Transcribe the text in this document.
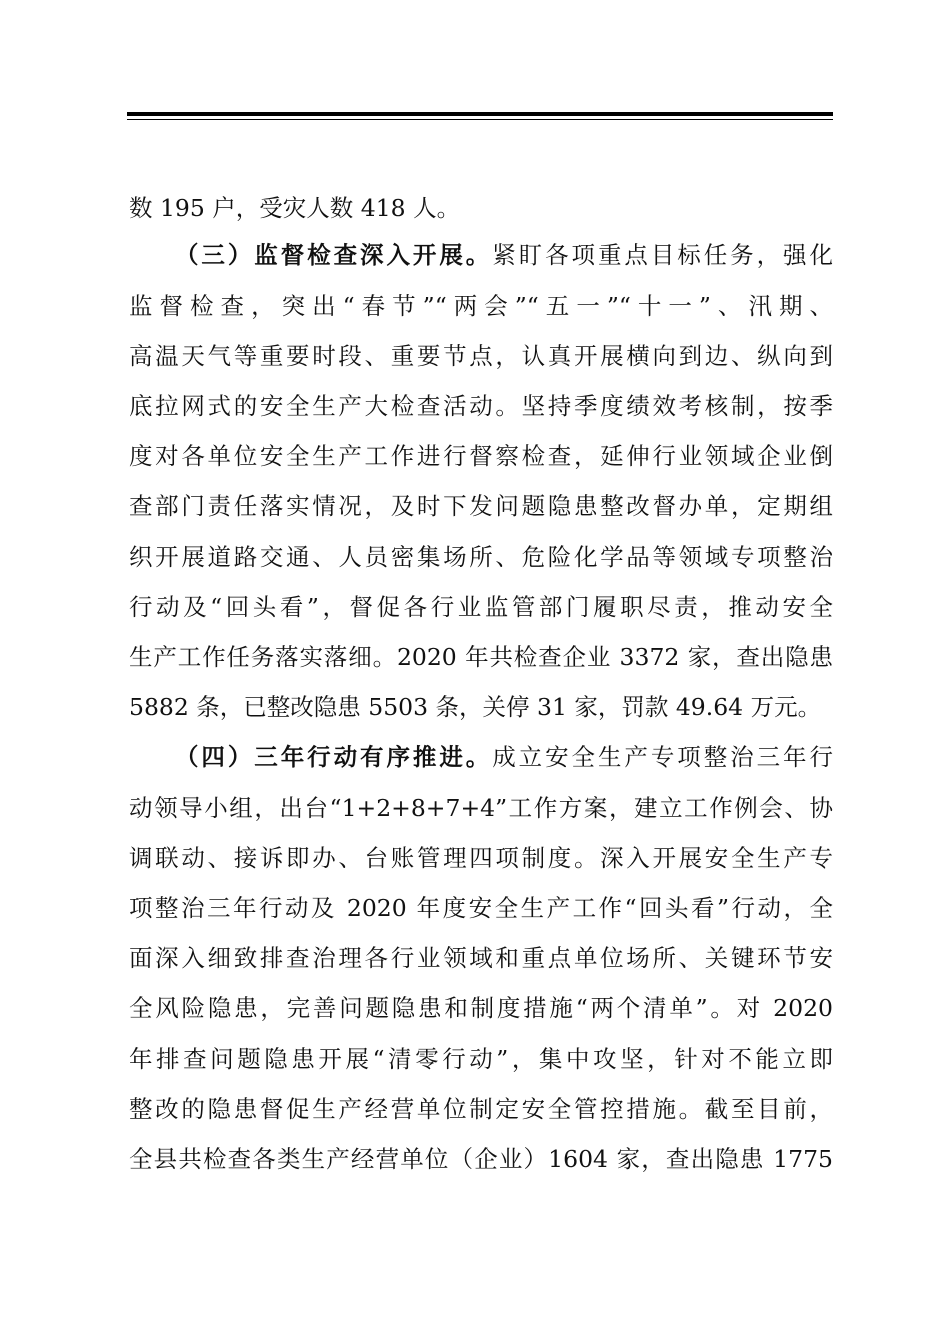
数 195 户，受灾人数 418 人。
（三）监督检查深入开展。紧盯各项重点目标任务，强化
监督检查，突出“春节”“两会”“五一”“十一”、汛期、
高温天气等重要时段、重要节点，认真开展横向到边、纵向到
底拉网式的安全生产大检查活动。坚持季度绩效考核制，按季
度对各单位安全生产工作进行督察检查，延伸行业领域企业倒
查部门责任落实情况，及时下发问题隐患整改督办单，定期组
织开展道路交通、人员密集场所、危险化学品等领域专项整治
行动及“回头看”，督促各行业监管部门履职尽责，推动安全
生产工作任务落实落细。2020 年共检查企业 3372 家，查出隐患
5882 条，已整改隐患 5503 条，关停 31 家，罚款 49.64 万元。
（四）三年行动有序推进。成立安全生产专项整治三年行
动领导小组，出台“1+2+8+7+4”工作方案，建立工作例会、协
调联动、接诉即办、台账管理四项制度。深入开展安全生产专
项整治三年行动及 2020 年度安全生产工作“回头看”行动，全
面深入细致排查治理各行业领域和重点单位场所、关键环节安
全风险隐患，完善问题隐患和制度措施“两个清单”。对 2020
年排查问题隐患开展“清零行动”，集中攻坚，针对不能立即
整改的隐患督促生产经营单位制定安全管控措施。截至目前，
全县共检查各类生产经营单位（企业）1604 家，查出隐患 1775
